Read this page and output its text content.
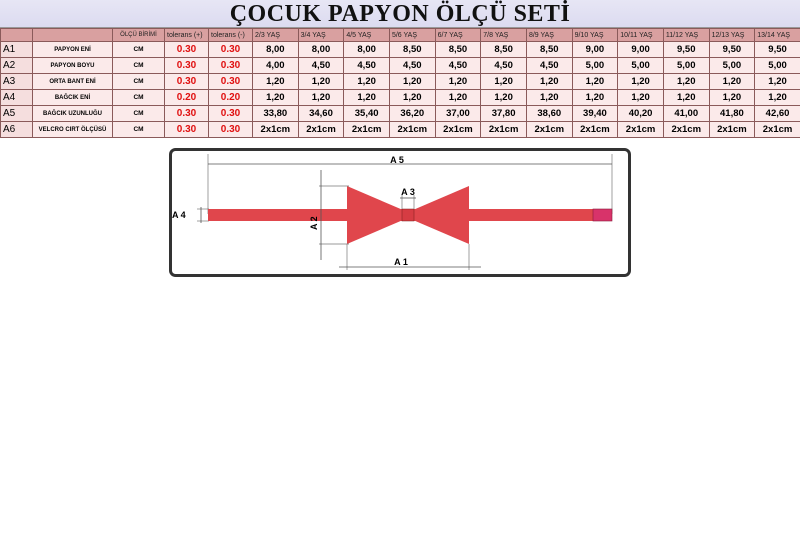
ÇOCUK PAPYON ÖLÇÜ SETİ
		ÖLÇÜ BİRİMİ	tolerans (+)	tolerans (-)	2/3 YAŞ	3/4 YAŞ	4/5 YAŞ	5/6 YAŞ	6/7 YAŞ	7/8 YAŞ	8/9 YAŞ	9/10 YAŞ	10/11 YAŞ	11/12 YAŞ	12/13 YAŞ	13/14 YAŞ
A1	PAPYON ENİ	CM	0.30	0.30	8,00	8,00	8,00	8,50	8,50	8,50	8,50	9,00	9,00	9,50	9,50	9,50
A2	PAPYON BOYU	CM	0.30	0.30	4,00	4,50	4,50	4,50	4,50	4,50	4,50	5,00	5,00	5,00	5,00	5,00
A3	ORTA BANT ENİ	CM	0.30	0.30	1,20	1,20	1,20	1,20	1,20	1,20	1,20	1,20	1,20	1,20	1,20	1,20
A4	BAĞCIK ENİ	CM	0.20	0.20	1,20	1,20	1,20	1,20	1,20	1,20	1,20	1,20	1,20	1,20	1,20	1,20
A5	BAĞCIK UZUNLUĞU	CM	0.30	0.30	33,80	34,60	35,40	36,20	37,00	37,80	38,60	39,40	40,20	41,00	41,80	42,60
A6	VELCRO CIRT ÖLÇÜSÜ	CM	0.30	0.30	2x1cm	2x1cm	2x1cm	2x1cm	2x1cm	2x1cm	2x1cm	2x1cm	2x1cm	2x1cm	2x1cm	2x1cm
A 5
A 4
A 2
A 3
A 1
